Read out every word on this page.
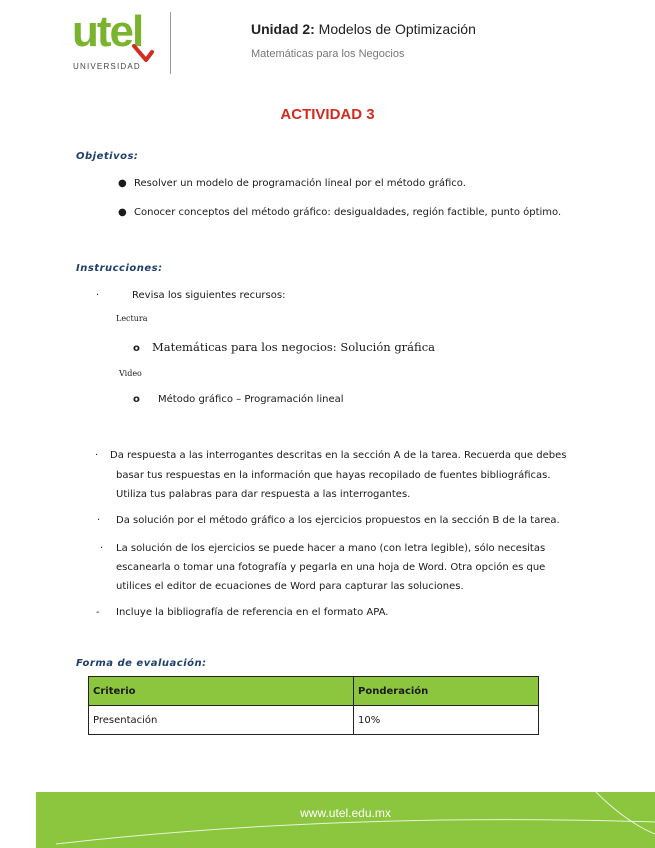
utel
UNIVERSIDAD
Unidad 2: Modelos de Optimización
Matemáticas para los Negocios
ACTIVIDAD 3
Objetivos:
● Resolver un modelo de programación lineal por el método gráfico.
● Conocer conceptos del método gráfico: desigualdades, región factible, punto óptimo.
Instrucciones:
·	Revisa los siguientes recursos:
Lectura
o Matemáticas para los negocios: Solución gráfica
Video
o Método gráfico – Programación lineal
· Da respuesta a las interrogantes descritas en la sección A de la tarea. Recuerda que debes
basar tus respuestas en la información que hayas recopilado de fuentes bibliográficas.
Utiliza tus palabras para dar respuesta a las interrogantes.
· Da solución por el método gráfico a los ejercicios propuestos en la sección B de la tarea.
· La solución de los ejercicios se puede hacer a mano (con letra legible), sólo necesitas
escanearla o tomar una fotografía y pegarla en una hoja de Word. Otra opción es que
utilices el editor de ecuaciones de Word para capturar las soluciones.
- Incluye la bibliografía de referencia en el formato APA.
Forma de evaluación:
Criterio	Ponderación
Presentación	10%
www.utel.edu.mx
